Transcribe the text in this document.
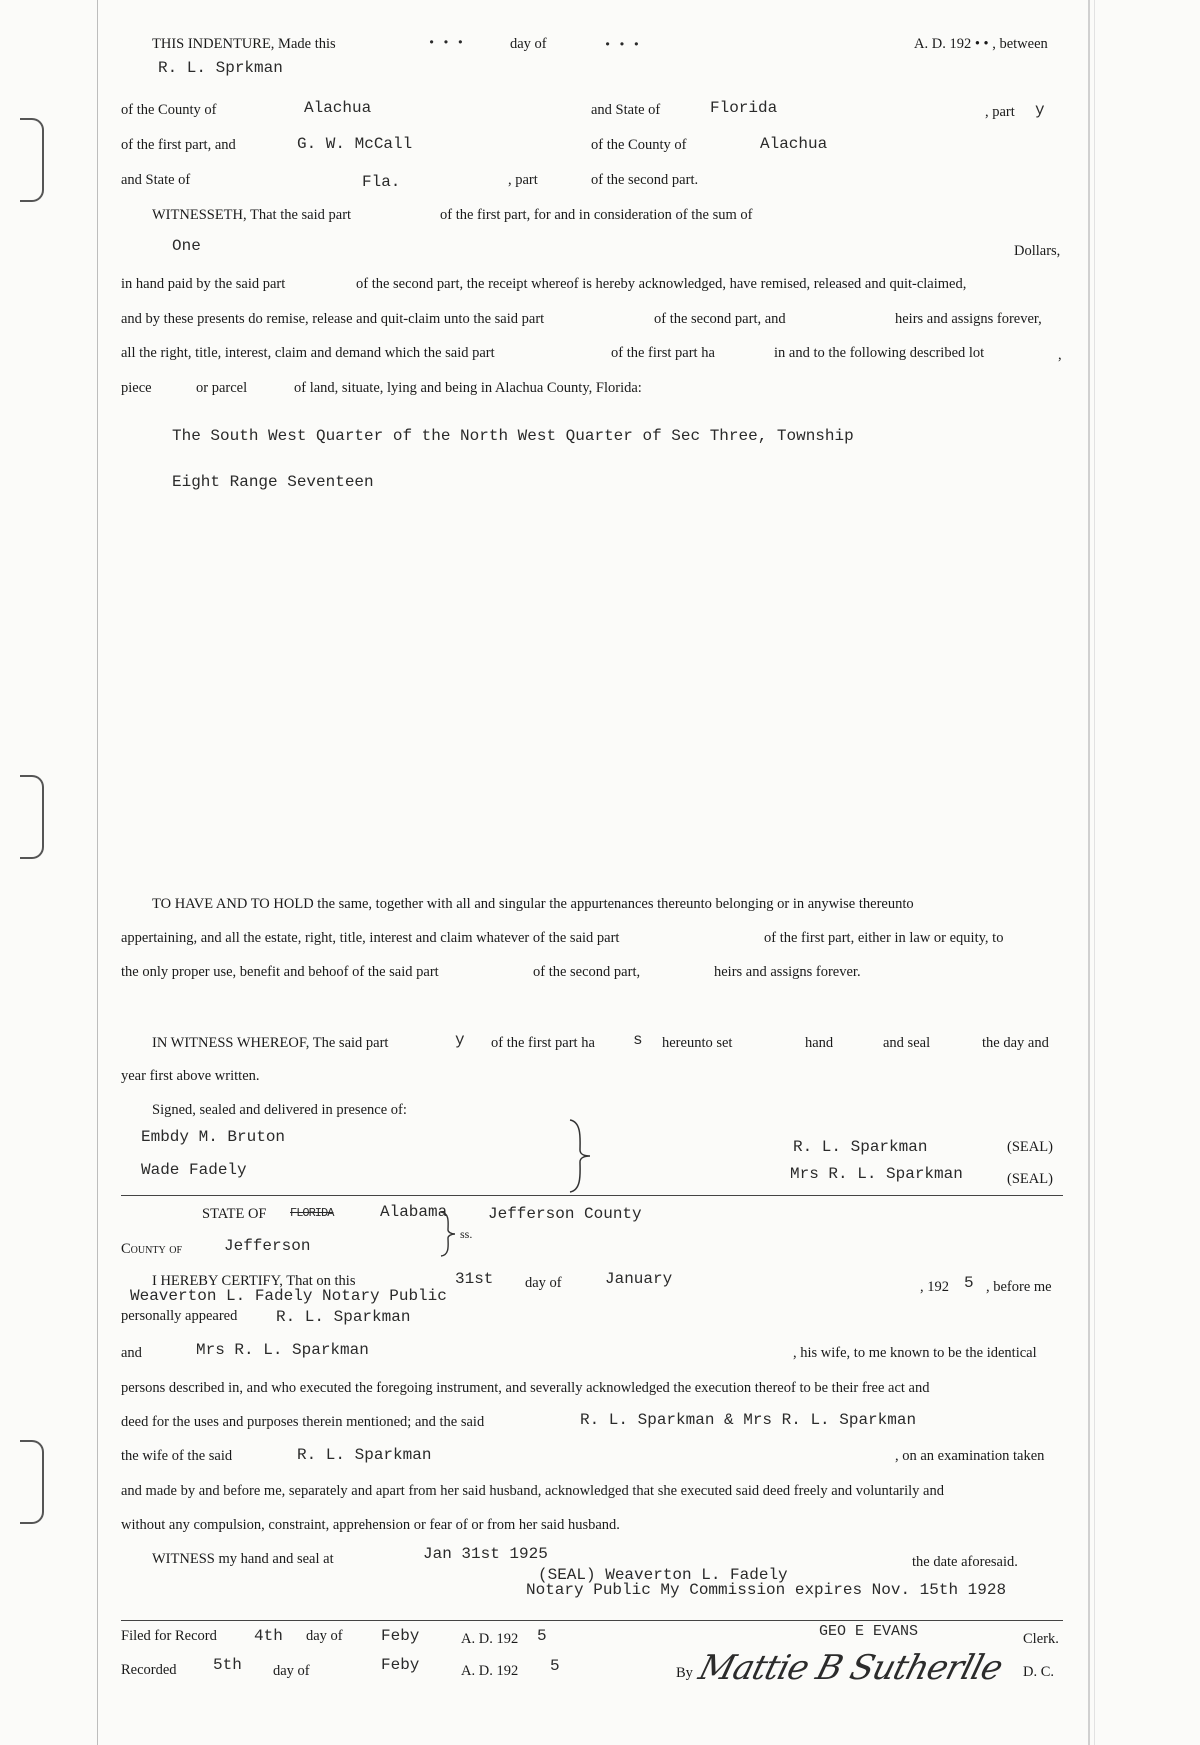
THIS INDENTURE, Made this	• • •	day of	• • •	A. D. 192 • • , between
R. L. Sprkman
of the County of	Alachua	and State of	Florida	, part y
of the first part, and	G. W. McCall	of the County of	Alachua
and State of	Fla.	, part	of the second part.
WITNESSETH, That the said part	of the first part, for and in consideration of the sum of
One	Dollars,
in hand paid by the said part	of the second part, the receipt whereof is hereby acknowledged, have remised, released and quit-claimed,
and by these presents do remise, release and quit-claim unto the said part	of the second part, and	heirs and assigns forever,
all the right, title, interest, claim and demand which the said part	of the first part ha	in and to the following described lot	,
piece	or parcel	of land, situate, lying and being in Alachua County, Florida:
The South West Quarter of the North West Quarter of Sec Three, Township
Eight Range Seventeen
TO HAVE AND TO HOLD the same, together with all and singular the appurtenances thereunto belonging or in anywise thereunto
appertaining, and all the estate, right, title, interest and claim whatever of the said part	of the first part, either in law or equity, to
the only proper use, benefit and behoof of the said part	of the second part,	heirs and assigns forever.
IN WITNESS WHEREOF, The said part	y of the first part ha s hereunto set	hand	and seal	the day and
year first above written.
Signed, sealed and delivered in presence of:
Embdy M. Bruton
Wade Fadely
R. L. Sparkman	(SEAL)
Mrs R. L. Sparkman	(SEAL)
STATE OF FLORIDA	Alabama	Jefferson County
ss.
County of	Jefferson
I HEREBY CERTIFY, That on this	31st day of	January	, 192 5 , before me
Weaverton L. Fadely Notary Public
personally appeared R. L. Sparkman
and	Mrs R. L. Sparkman	, his wife, to me known to be the identical
persons described in, and who executed the foregoing instrument, and severally acknowledged the execution thereof to be their free act and
deed for the uses and purposes therein mentioned; and the said	R. L. Sparkman & Mrs R. L. Sparkman
the wife of the said	R. L. Sparkman	, on an examination taken
and made by and before me, separately and apart from her said husband, acknowledged that she executed said deed freely and voluntarily and
without any compulsion, constraint, apprehension or fear of or from her said husband.
WITNESS my hand and seal at	Jan 31st 1925	the date aforesaid.
(SEAL) Weaverton L. Fadely
Notary Public My Commission expires Nov. 15th 1928
Filed for Record 4th day of Feby	A. D. 192 5	GEO E EVANS	Clerk.
Recorded 5th day of	Feby	A. D. 192 5	By Mattie B Sutherlle D. C.
